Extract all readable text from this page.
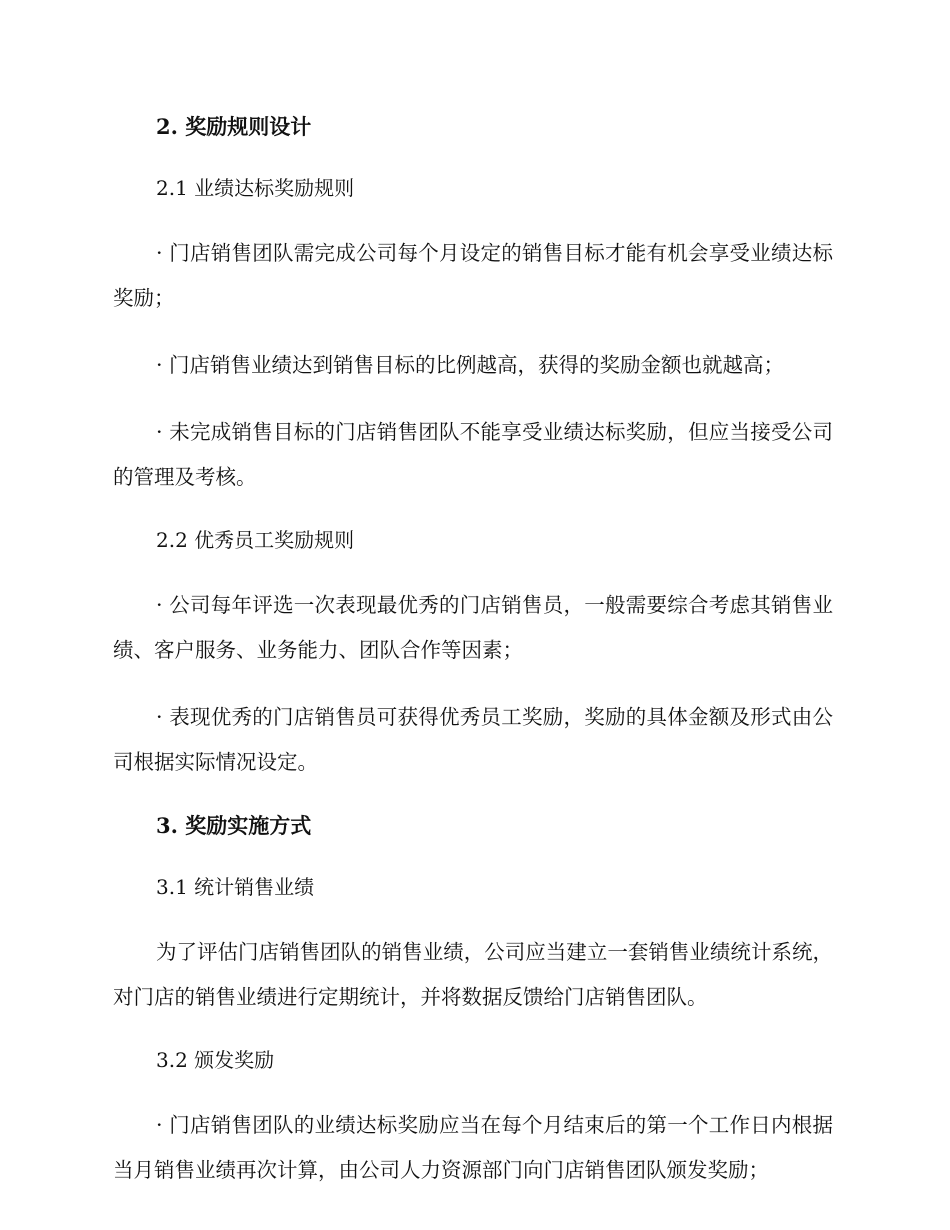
2. 奖励规则设计
2.1 业绩达标奖励规则

· 门店销售团队需完成公司每个月设定的销售目标才能有机会享受业绩达标奖励；

· 门店销售业绩达到销售目标的比例越高，获得的奖励金额也就越高；

· 未完成销售目标的门店销售团队不能享受业绩达标奖励，但应当接受公司的管理及考核。

2.2 优秀员工奖励规则

· 公司每年评选一次表现最优秀的门店销售员，一般需要综合考虑其销售业绩、客户服务、业务能力、团队合作等因素；

· 表现优秀的门店销售员可获得优秀员工奖励，奖励的具体金额及形式由公司根据实际情况设定。

3. 奖励实施方式
3.1 统计销售业绩

为了评估门店销售团队的销售业绩，公司应当建立一套销售业绩统计系统，对门店的销售业绩进行定期统计，并将数据反馈给门店销售团队。

3.2 颁发奖励

· 门店销售团队的业绩达标奖励应当在每个月结束后的第一个工作日内根据当月销售业绩再次计算，由公司人力资源部门向门店销售团队颁发奖励；
